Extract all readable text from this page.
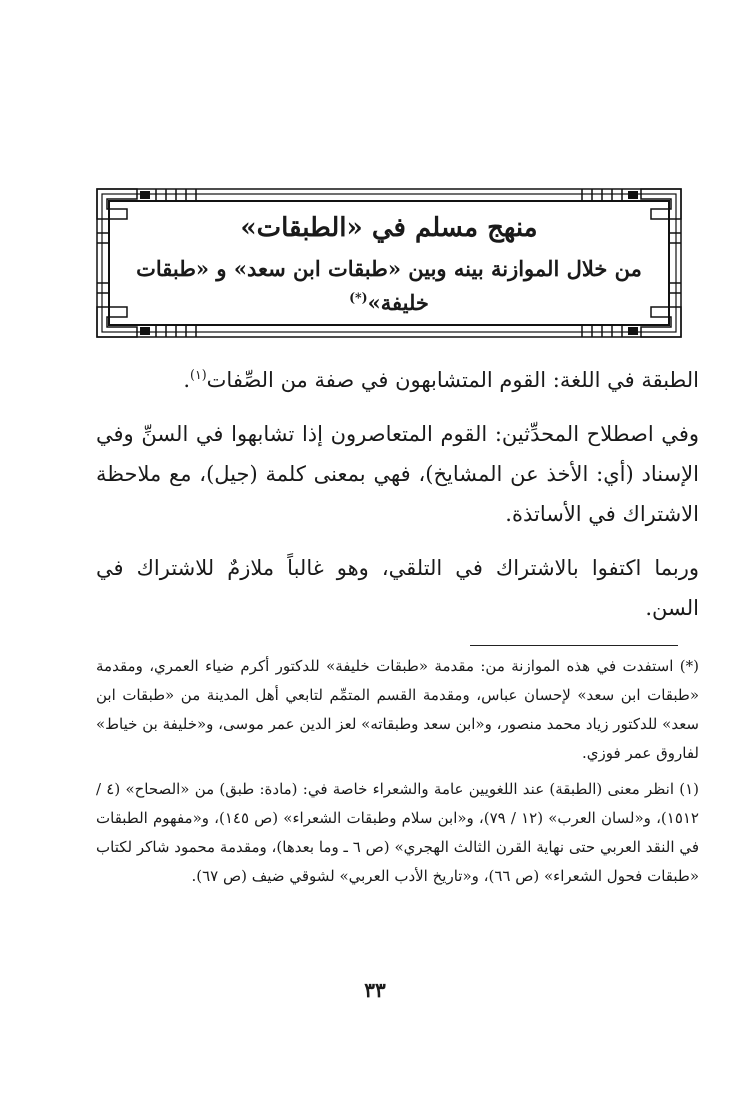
منهج مسلم في «الطبقات»
من خلال الموازنة بينه وبين «طبقات ابن سعد» و «طبقات خليفة»(*)

الطبقة في اللغة: القوم المتشابهون في صفة من الصِّفات$^{(١)}$.

وفي اصطلاح المحدِّثين: القوم المتعاصرون إذا تشابهوا في السنِّ وفي الإسناد (أي: الأخذ عن المشايخ)، فهي بمعنى كلمة (جيل)، مع ملاحظة الاشتراك في الأساتذة.

وربما اكتفوا بالاشتراك في التلقي، وهو غالباً ملازمٌ للاشتراك في السن.

(*) استفدت في هذه الموازنة من: مقدمة «طبقات خليفة» للدكتور أكرم ضياء العمري، ومقدمة «طبقات ابن سعد» لإحسان عباس، ومقدمة القسم المتمِّم لتابعي أهل المدينة من «طبقات ابن سعد» للدكتور زياد محمد منصور، و«ابن سعد وطبقاته» لعز الدين عمر موسى، و«خليفة بن خياط» لفاروق عمر فوزي.

(١) انظر معنى (الطبقة) عند اللغويين عامة والشعراء خاصة في: (مادة: طبق) من «الصحاح» (٤ / ١٥١٢)، و«لسان العرب» (١٢ / ٧٩)، و«ابن سلام وطبقات الشعراء» (ص ١٤٥)، و«مفهوم الطبقات في النقد العربي حتى نهاية القرن الثالث الهجري» (ص ٦ ـ وما بعدها)، ومقدمة محمود شاكر لكتاب «طبقات فحول الشعراء» (ص ٦٦)، و«تاريخ الأدب العربي» لشوقي ضيف (ص ٦٧).

٣٣
